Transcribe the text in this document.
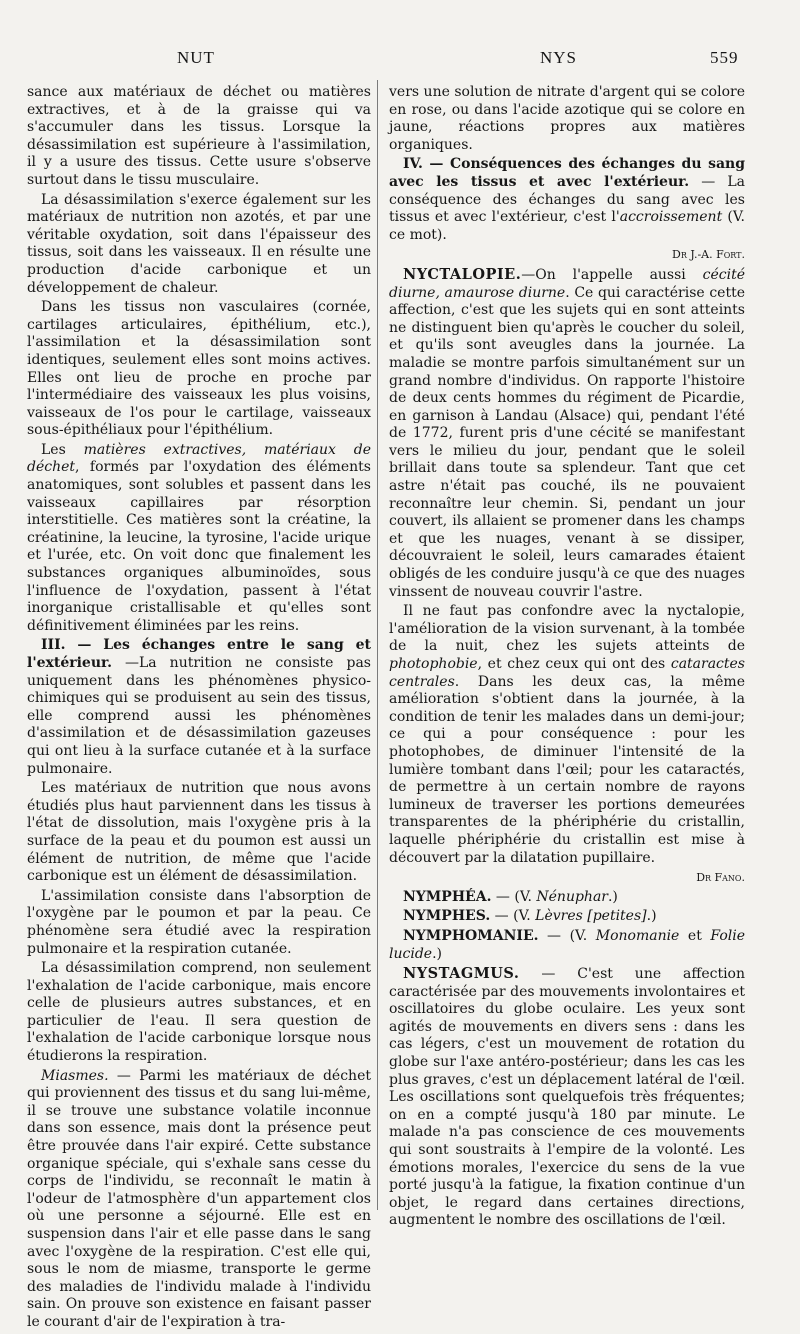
NUT	NYS	559

sance aux matériaux de déchet ou matières extractives, et à de la graisse qui va s'accumuler dans les tissus. Lorsque la désassimilation est supérieure à l'assimilation, il y a usure des tissus. Cette usure s'observe surtout dans le tissu musculaire.

La désassimilation s'exerce également sur les matériaux de nutrition non azotés, et par une véritable oxydation, soit dans l'épaisseur des tissus, soit dans les vaisseaux. Il en résulte une production d'acide carbonique et un développement de chaleur.

Dans les tissus non vasculaires (cornée, cartilages articulaires, épithélium, etc.), l'assimilation et la désassimilation sont identiques, seulement elles sont moins actives. Elles ont lieu de proche en proche par l'intermédiaire des vaisseaux les plus voisins, vaisseaux de l'os pour le cartilage, vaisseaux sous-épithéliaux pour l'épithélium.

Les matières extractives, matériaux de déchet, formés par l'oxydation des éléments anatomiques, sont solubles et passent dans les vaisseaux capillaires par résorption interstitielle. Ces matières sont la créatine, la créatinine, la leucine, la tyrosine, l'acide urique et l'urée, etc. On voit donc que finalement les substances organiques albuminoïdes, sous l'influence de l'oxydation, passent à l'état inorganique cristallisable et qu'elles sont définitivement éliminées par les reins.

III. — Les échanges entre le sang et l'extérieur. —La nutrition ne consiste pas uniquement dans les phénomènes physico-chimiques qui se produisent au sein des tissus, elle comprend aussi les phénomènes d'assimilation et de désassimilation gazeuses qui ont lieu à la surface cutanée et à la surface pulmonaire.

Les matériaux de nutrition que nous avons étudiés plus haut parviennent dans les tissus à l'état de dissolution, mais l'oxygène pris à la surface de la peau et du poumon est aussi un élément de nutrition, de même que l'acide carbonique est un élément de désassimilation.

L'assimilation consiste dans l'absorption de l'oxygène par le poumon et par la peau. Ce phénomène sera étudié avec la respiration pulmonaire et la respiration cutanée.

La désassimilation comprend, non seulement l'exhalation de l'acide carbonique, mais encore celle de plusieurs autres substances, et en particulier de l'eau. Il sera question de l'exhalation de l'acide carbonique lorsque nous étudierons la respiration.

Miasmes. — Parmi les matériaux de déchet qui proviennent des tissus et du sang lui-même, il se trouve une substance volatile inconnue dans son essence, mais dont la présence peut être prouvée dans l'air expiré. Cette substance organique spéciale, qui s'exhale sans cesse du corps de l'individu, se reconnaît le matin à l'odeur de l'atmosphère d'un appartement clos où une personne a séjourné. Elle est en suspension dans l'air et elle passe dans le sang avec l'oxygène de la respiration. C'est elle qui, sous le nom de miasme, transporte le germe des maladies de l'individu malade à l'individu sain. On prouve son existence en faisant passer le courant d'air de l'expiration à tra-

vers une solution de nitrate d'argent qui se colore en rose, ou dans l'acide azotique qui se colore en jaune, réactions propres aux matières organiques.

IV. — Conséquences des échanges du sang avec les tissus et avec l'extérieur. — La conséquence des échanges du sang avec les tissus et avec l'extérieur, c'est l'accroissement (V. ce mot).

Dr J.-A. Fort.

NYCTALOPIE.—On l'appelle aussi cécité diurne, amaurose diurne. Ce qui caractérise cette affection, c'est que les sujets qui en sont atteints ne distinguent bien qu'après le coucher du soleil, et qu'ils sont aveugles dans la journée. La maladie se montre parfois simultanément sur un grand nombre d'individus. On rapporte l'histoire de deux cents hommes du régiment de Picardie, en garnison à Landau (Alsace) qui, pendant l'été de 1772, furent pris d'une cécité se manifestant vers le milieu du jour, pendant que le soleil brillait dans toute sa splendeur. Tant que cet astre n'était pas couché, ils ne pouvaient reconnaître leur chemin. Si, pendant un jour couvert, ils allaient se promener dans les champs et que les nuages, venant à se dissiper, découvraient le soleil, leurs camarades étaient obligés de les conduire jusqu'à ce que des nuages vinssent de nouveau couvrir l'astre.

Il ne faut pas confondre avec la nyctalopie, l'amélioration de la vision survenant, à la tombée de la nuit, chez les sujets atteints de photophobie, et chez ceux qui ont des cataractes centrales. Dans les deux cas, la même amélioration s'obtient dans la journée, à la condition de tenir les malades dans un demi-jour; ce qui a pour conséquence : pour les photophobes, de diminuer l'intensité de la lumière tombant dans l'œil; pour les cataractés, de permettre à un certain nombre de rayons lumineux de traverser les portions demeurées transparentes de la phériphérie du cristallin, laquelle phériphérie du cristallin est mise à découvert par la dilatation pupillaire.

Dr Fano.

NYMPHÉA. — (V. Nénuphar.)

NYMPHES. — (V. Lèvres [petites].)

NYMPHOMANIE. — (V. Monomanie et Folie lucide.)

NYSTAGMUS. — C'est une affection caractérisée par des mouvements involontaires et oscillatoires du globe oculaire. Les yeux sont agités de mouvements en divers sens : dans les cas légers, c'est un mouvement de rotation du globe sur l'axe antéro-postérieur; dans les cas les plus graves, c'est un déplacement latéral de l'œil. Les oscillations sont quelquefois très fréquentes; on en a compté jusqu'à 180 par minute. Le malade n'a pas conscience de ces mouvements qui sont soustraits à l'empire de la volonté. Les émotions morales, l'exercice du sens de la vue porté jusqu'à la fatigue, la fixation continue d'un objet, le regard dans certaines directions, augmentent le nombre des oscillations de l'œil.
